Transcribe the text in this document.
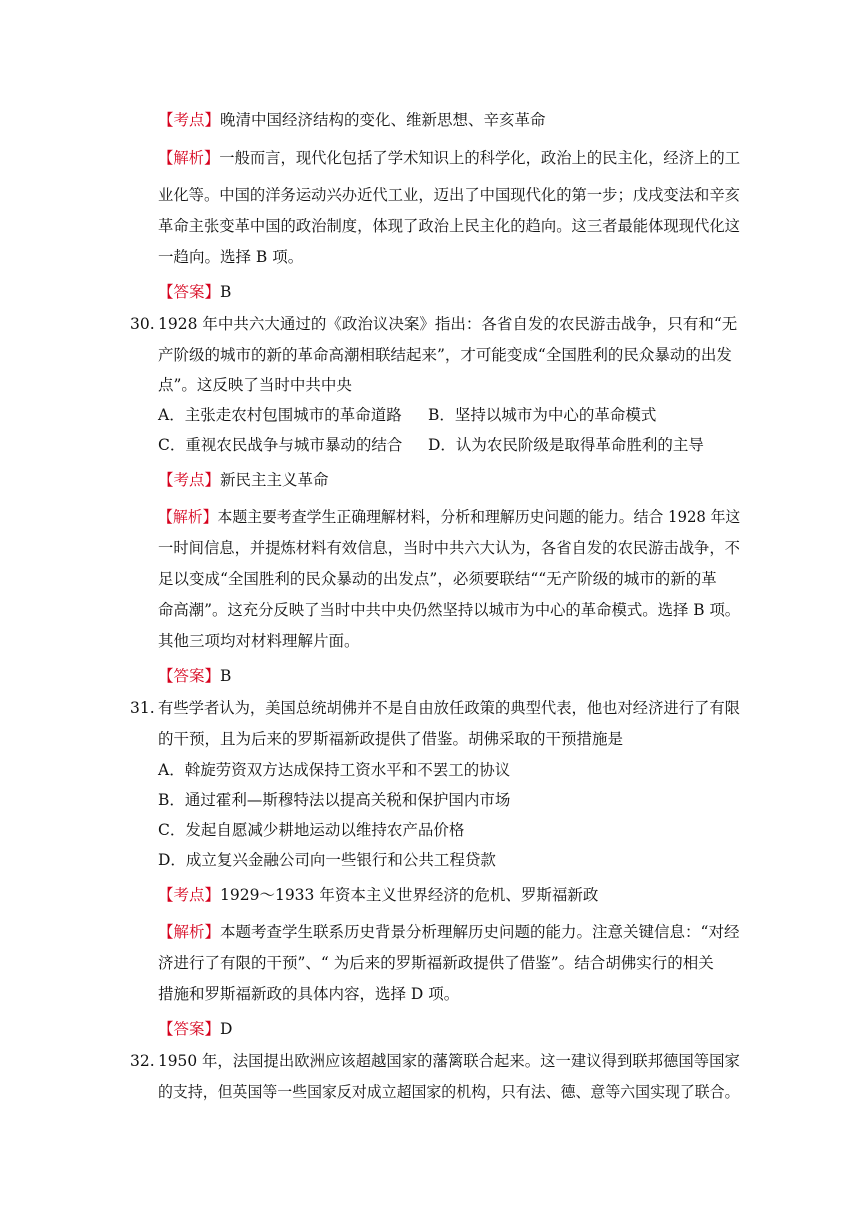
【考点】晚清中国经济结构的变化、维新思想、辛亥革命
【解析】一般而言，现代化包括了学术知识上的科学化，政治上的民主化，经济上的工
业化等。中国的洋务运动兴办近代工业，迈出了中国现代化的第一步；戊戌变法和辛亥
革命主张变革中国的政治制度，体现了政治上民主化的趋向。这三者最能体现现代化这
一趋向。选择 B 项。
【答案】B
30. 1928 年中共六大通过的《政治议决案》指出：各省自发的农民游击战争，只有和“无
产阶级的城市的新的革命高潮相联结起来”，才可能变成“全国胜利的民众暴动的出发
点”。这反映了当时中共中央
A．主张走农村包围城市的革命道路 B．坚持以城市为中心的革命模式
C．重视农民战争与城市暴动的结合 D．认为农民阶级是取得革命胜利的主导
【考点】新民主主义革命
【解析】本题主要考查学生正确理解材料，分析和理解历史问题的能力。结合 1928 年这
一时间信息，并提炼材料有效信息，当时中共六大认为，各省自发的农民游击战争，不
足以变成“全国胜利的民众暴动的出发点”，必须要联结““无产阶级的城市的新的革
命高潮”。这充分反映了当时中共中央仍然坚持以城市为中心的革命模式。选择 B 项。
其他三项均对材料理解片面。
【答案】B
31. 有些学者认为，美国总统胡佛并不是自由放任政策的典型代表，他也对经济进行了有限
的干预，且为后来的罗斯福新政提供了借鉴。胡佛采取的干预措施是
A．斡旋劳资双方达成保持工资水平和不罢工的协议
B．通过霍利—斯穆特法以提高关税和保护国内市场
C．发起自愿减少耕地运动以维持农产品价格
D．成立复兴金融公司向一些银行和公共工程贷款
【考点】1929～1933 年资本主义世界经济的危机、罗斯福新政
【解析】本题考查学生联系历史背景分析理解历史问题的能力。注意关键信息：“对经
济进行了有限的干预”、“ 为后来的罗斯福新政提供了借鉴”。结合胡佛实行的相关
措施和罗斯福新政的具体内容，选择 D 项。
【答案】D
32. 1950 年，法国提出欧洲应该超越国家的藩篱联合起来。这一建议得到联邦德国等国家
的支持，但英国等一些国家反对成立超国家的机构，只有法、德、意等六国实现了联合。
